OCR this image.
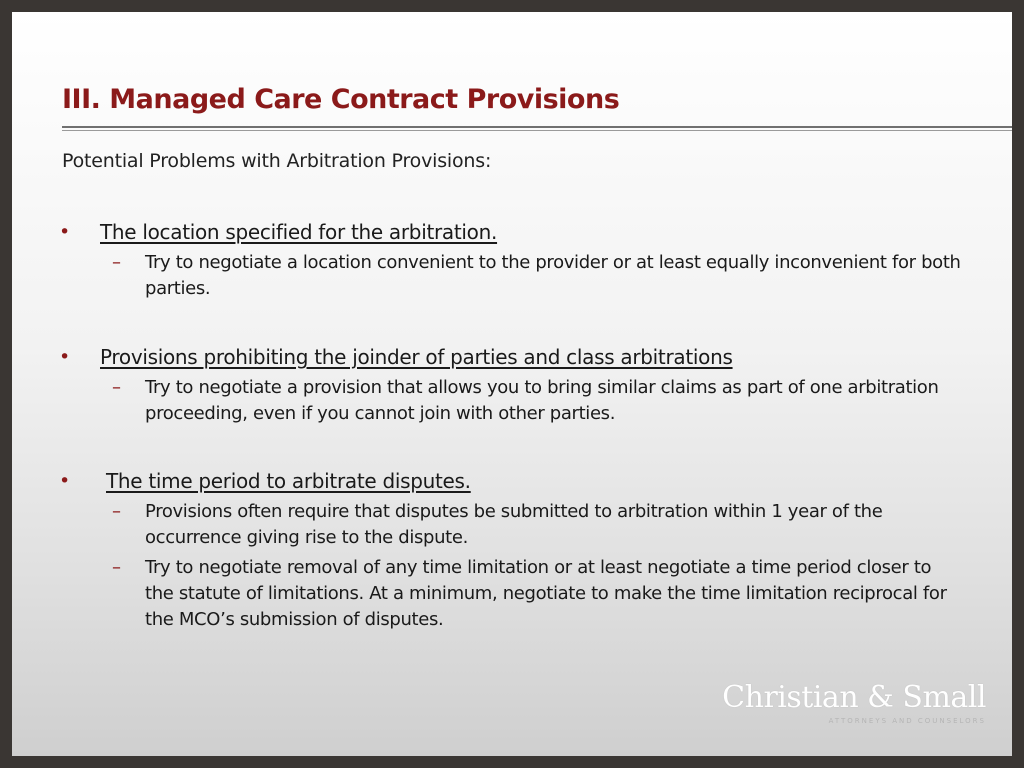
III. Managed Care Contract Provisions
Potential Problems with Arbitration Provisions:
• The location specified for the arbitration.
– Try to negotiate a location convenient to the provider or at least equally inconvenient for both parties.
• Provisions prohibiting the joinder of parties and class arbitrations
– Try to negotiate a provision that allows you to bring similar claims as part of one arbitration proceeding, even if you cannot join with other parties.
• The time period to arbitrate disputes.
– Provisions often require that disputes be submitted to arbitration within 1 year of the occurrence giving rise to the dispute.
– Try to negotiate removal of any time limitation or at least negotiate a time period closer to the statute of limitations. At a minimum, negotiate to make the time limitation reciprocal for the MCO’s submission of disputes.
Christian & Small
ATTORNEYS AND COUNSELORS
